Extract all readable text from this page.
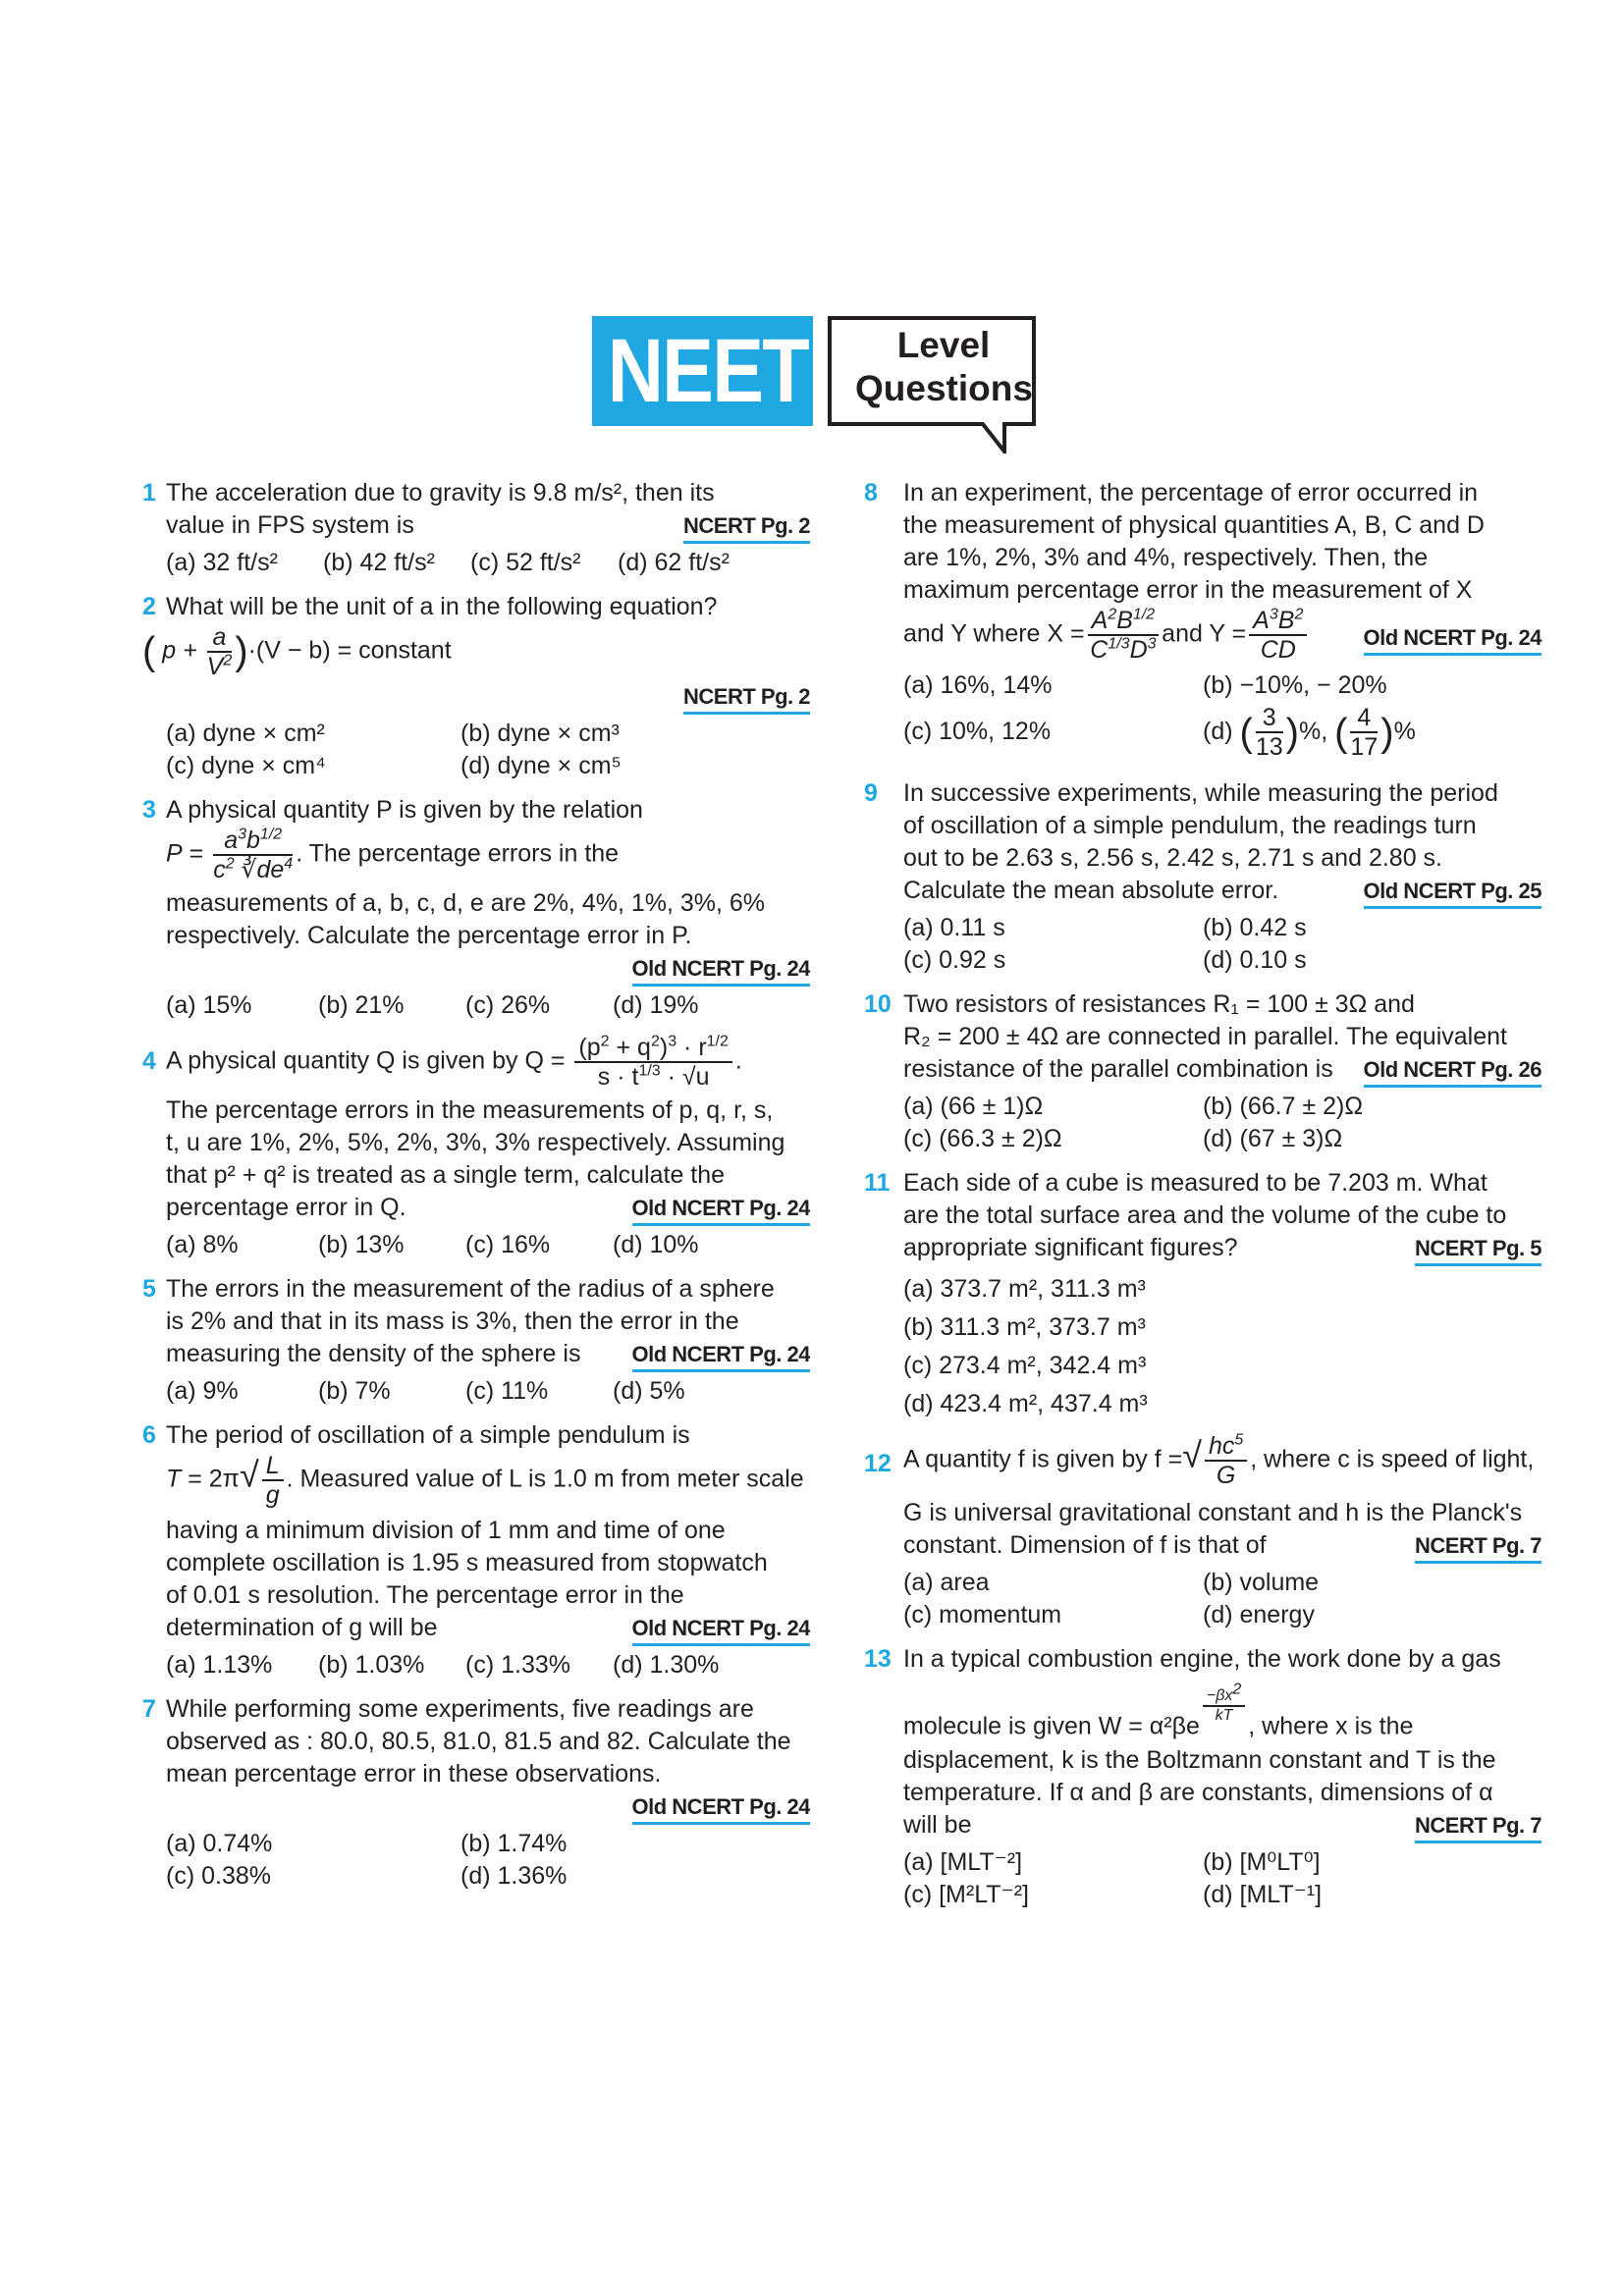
NEET	Level
Questions
1 The acceleration due to gravity is 9.8 m/s², then its
value in FPS system is	NCERT Pg. 2
(a) 32 ft/s²	(b) 42 ft/s²	(c) 52 ft/s²	(d) 62 ft/s²
2 What will be the unit of a in the following equation?
( $p + \frac{a}{V^2} )\cdot(V - b)$ = constant
NCERT Pg. 2
(a) dyne × cm²	(b) dyne × cm³
(c) dyne × cm⁴	(d) dyne × cm⁵
3 A physical quantity P is given by the relation
$P = \frac{a^3b^{1/2}}{c^2 ∛de^4}$ . The percentage errors in the
measurements of a, b, c, d, e are 2%, 4%, 1%, 3%, 6%
respectively. Calculate the percentage error in P.
Old NCERT Pg. 24
(a) 15%	(b) 21%	(c) 26%	(d) 19%
4 A physical quantity Q is given by $Q = \frac{(p^2 + q^2)^3 \cdot r^{1/2}}{s \cdot t^{1/3} \cdot √u}$ .
The percentage errors in the measurements of p, q, r, s,
t, u are 1%, 2%, 5%, 2%, 3%, 3% respectively. Assuming
that p² + q² is treated as a single term, calculate the
percentage error in Q.	Old NCERT Pg. 24
(a) 8%	(b) 13%	(c) 16%	(d) 10%
5 The errors in the measurement of the radius of a sphere
is 2% and that in its mass is 3%, then the error in the
measuring the density of the sphere is Old NCERT Pg. 24
(a) 9%	(b) 7%	(c) 11%	(d) 5%
6 The period of oscillation of a simple pendulum is
$T = 2\pi√ \frac{L}{g}$ . Measured value of L is 1.0 m from meter scale
having a minimum division of 1 mm and time of one
complete oscillation is 1.95 s measured from stopwatch
of 0.01 s resolution. The percentage error in the
determination of g will be	Old NCERT Pg. 24
(a) 1.13%	(b) 1.03%	(c) 1.33%	(d) 1.30%
7 While performing some experiments, five readings are
observed as : 80.0, 80.5, 81.0, 81.5 and 82. Calculate the
mean percentage error in these observations.
Old NCERT Pg. 24
(a) 0.74%	(b) 1.74%
(c) 0.38%	(d) 1.36%
8 In an experiment, the percentage of error occurred in
the measurement of physical quantities A, B, C and D
are 1%, 2%, 3% and 4%, respectively. Then, the
maximum percentage error in the measurement of X
and Y where $X = \frac{A^2B^{1/2}}{C^{1/3}D^3}$ and $Y = \frac{A^3B^2}{CD}$	Old NCERT Pg. 24
(a) 16%, 14%	(b) −10%, − 20%
(c) 10%, 12%	(d) ( $\frac{3}{13}$ )%, ( $\frac{4}{17}$ )%
9 In successive experiments, while measuring the period
of oscillation of a simple pendulum, the readings turn
out to be 2.63 s, 2.56 s, 2.42 s, 2.71 s and 2.80 s.
Calculate the mean absolute error.	Old NCERT Pg. 25
(a) 0.11 s	(b) 0.42 s
(c) 0.92 s	(d) 0.10 s
10 Two resistors of resistances R₁ = 100 ± 3Ω and
R₂ = 200 ± 4Ω are connected in parallel. The equivalent
resistance of the parallel combination is Old NCERT Pg. 26
(a) (66 ± 1)Ω	(b) (66.7 ± 2)Ω
(c) (66.3 ± 2)Ω	(d) (67 ± 3)Ω
11 Each side of a cube is measured to be 7.203 m. What
are the total surface area and the volume of the cube to
appropriate significant figures?	NCERT Pg. 5
(a) 373.7 m², 311.3 m³
(b) 311.3 m², 373.7 m³
(c) 273.4 m², 342.4 m³
(d) 423.4 m², 437.4 m³
12 A quantity f is given by f =√ $\frac{hc^5}{G}$ , where c is speed of light,
G is universal gravitational constant and h is the Planck's
constant. Dimension of f is that of	NCERT Pg. 7
(a) area	(b) volume
(c) momentum	(d) energy
13 In a typical combustion engine, the work done by a gas
molecule is given W = α²βe
$\frac{-\beta x^2}{kT}$
, where x is the
displacement, k is the Boltzmann constant and T is the
temperature. If α and β are constants, dimensions of α
will be	NCERT Pg. 7
(a) [MLT⁻²]	(b) [M⁰LT⁰]
(c) [M²LT⁻²]	(d) [MLT⁻¹]
